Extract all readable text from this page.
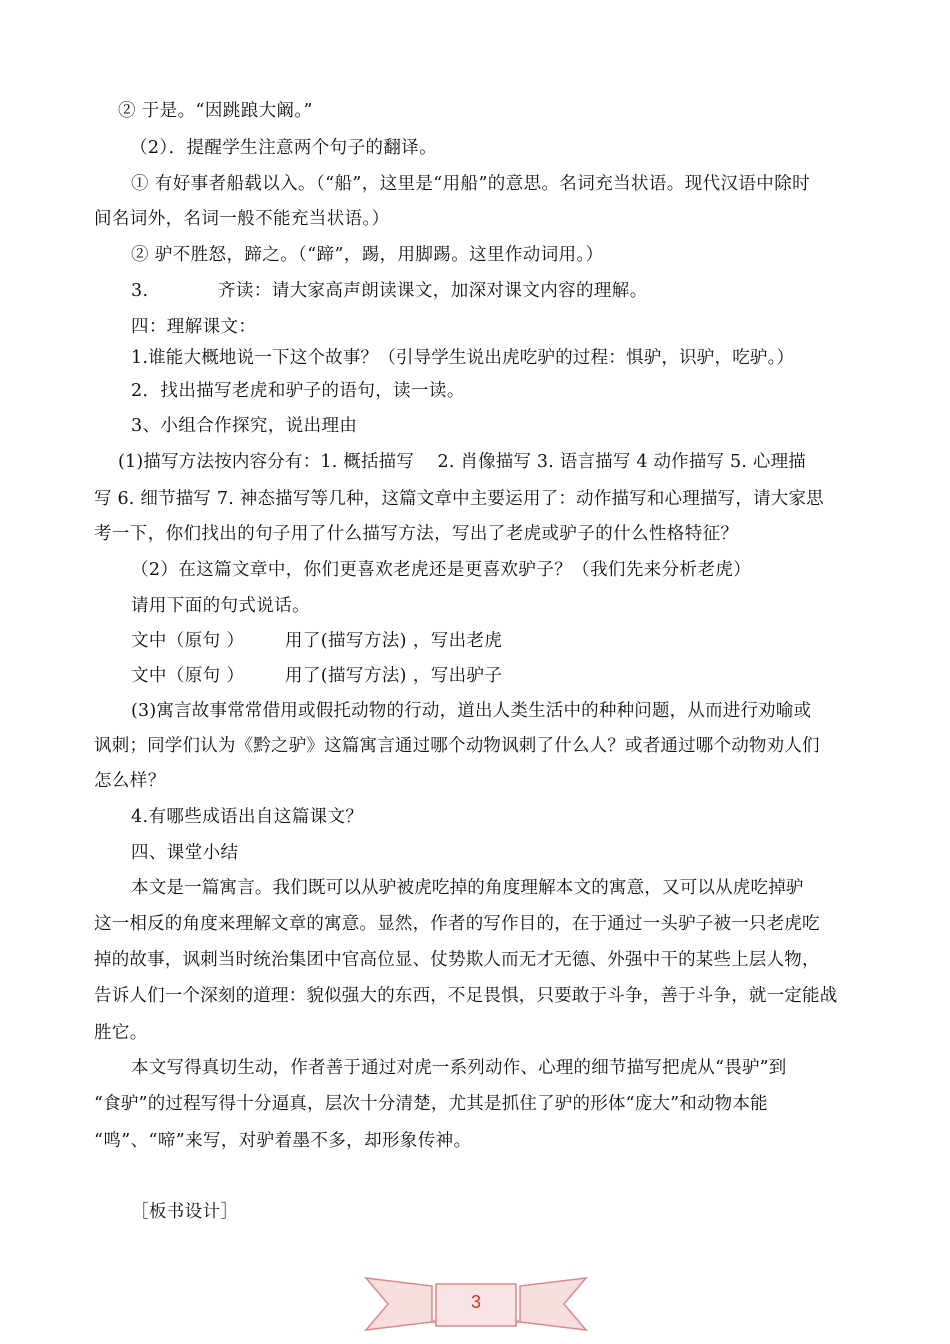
② 于是。“因跳踉大阚。”
（2）．提醒学生注意两个句子的翻译。
① 有好事者船载以入。（“船”，这里是“用船”的意思。名词充当状语。现代汉语中除时
间名词外，名词一般不能充当状语。）
② 驴不胜怒，蹄之。（“蹄”，踢，用脚踢。这里作动词用。）
3.	齐读：请大家高声朗读课文，加深对课文内容的理解。
四：理解课文：
1.谁能大概地说一下这个故事？（引导学生说出虎吃驴的过程：惧驴，识驴，吃驴。）
2．找出描写老虎和驴子的语句，读一读。
3、小组合作探究，说出理由
(1)描写方法按内容分有：1. 概括描写　 2. 肖像描写 3. 语言描写 4 动作描写 5. 心理描
写 6. 细节描写 7. 神态描写等几种，这篇文章中主要运用了：动作描写和心理描写，请大家思
考一下，你们找出的句子用了什么描写方法，写出了老虎或驴子的什么性格特征？
（2）在这篇文章中，你们更喜欢老虎还是更喜欢驴子？（我们先来分析老虎）
请用下面的句式说话。
文中（原句 ） 用了(描写方法) ，写出老虎
文中（原句 ） 用了(描写方法) ，写出驴子
(3)寓言故事常常借用或假托动物的行动，道出人类生活中的种种问题，从而进行劝喻或
讽刺；同学们认为《黔之驴》这篇寓言通过哪个动物讽刺了什么人？或者通过哪个动物劝人们
怎么样？
4.有哪些成语出自这篇课文？
四、课堂小结
本文是一篇寓言。我们既可以从驴被虎吃掉的角度理解本文的寓意，又可以从虎吃掉驴
这一相反的角度来理解文章的寓意。显然，作者的写作目的，在于通过一头驴子被一只老虎吃
掉的故事，讽刺当时统治集团中官高位显、仗势欺人而无才无德、外强中干的某些上层人物，
告诉人们一个深刻的道理：貌似强大的东西，不足畏惧，只要敢于斗争，善于斗争，就一定能战
胜它。
本文写得真切生动，作者善于通过对虎一系列动作、心理的细节描写把虎从“畏驴”到
“食驴”的过程写得十分逼真，层次十分清楚，尤其是抓住了驴的形体“庞大”和动物本能
“鸣”、“啼”来写，对驴着墨不多，却形象传神。
［板书设计］
3
